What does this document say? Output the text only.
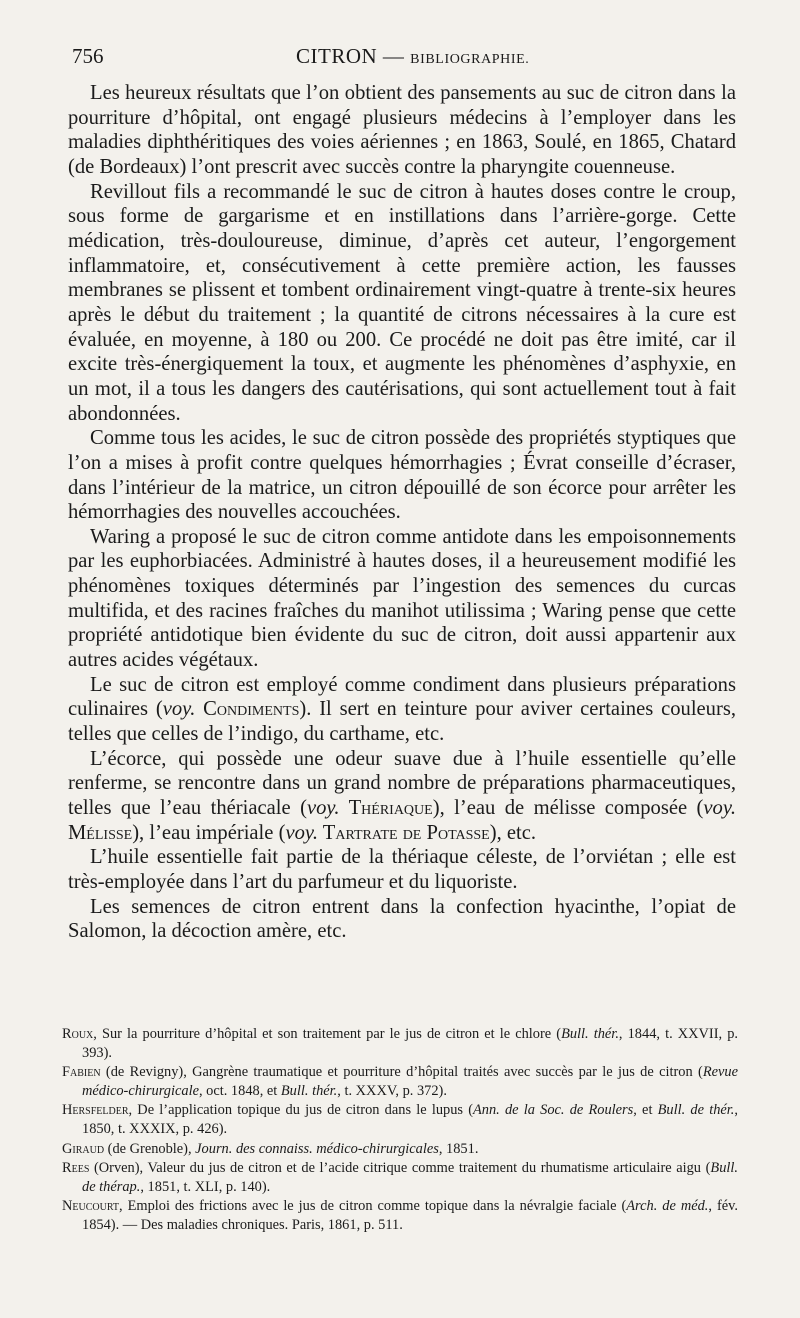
756	CITRON — BIBLIOGRAPHIE.

Les heureux résultats que l’on obtient des pansements au suc de citron dans la pourriture d’hôpital, ont engagé plusieurs médecins à l’employer dans les maladies diphthéritiques des voies aériennes ; en 1863, Soulé, en 1865, Chatard (de Bordeaux) l’ont prescrit avec succès contre la pharyngite couenneuse.

Revillout fils a recommandé le suc de citron à hautes doses contre le croup, sous forme de gargarisme et en instillations dans l’arrière-gorge. Cette médication, très-douloureuse, diminue, d’après cet auteur, l’engorgement inflammatoire, et, consécutivement à cette première action, les fausses membranes se plissent et tombent ordinairement vingt-quatre à trente-six heures après le début du traitement ; la quantité de citrons nécessaires à la cure est évaluée, en moyenne, à 180 ou 200. Ce procédé ne doit pas être imité, car il excite très-énergiquement la toux, et augmente les phénomènes d’asphyxie, en un mot, il a tous les dangers des cautérisations, qui sont actuellement tout à fait abondonnées.

Comme tous les acides, le suc de citron possède des propriétés styptiques que l’on a mises à profit contre quelques hémorrhagies ; Évrat conseille d’écraser, dans l’intérieur de la matrice, un citron dépouillé de son écorce pour arrêter les hémorrhagies des nouvelles accouchées.

Waring a proposé le suc de citron comme antidote dans les empoisonnements par les euphorbiacées. Administré à hautes doses, il a heureusement modifié les phénomènes toxiques déterminés par l’ingestion des semences du curcas multifida, et des racines fraîches du manihot utilissima ; Waring pense que cette propriété antidotique bien évidente du suc de citron, doit aussi appartenir aux autres acides végétaux.

Le suc de citron est employé comme condiment dans plusieurs préparations culinaires (voy. Condiments). Il sert en teinture pour aviver certaines couleurs, telles que celles de l’indigo, du carthame, etc.

L’écorce, qui possède une odeur suave due à l’huile essentielle qu’elle renferme, se rencontre dans un grand nombre de préparations pharmaceutiques, telles que l’eau thériacale (voy. Thériaque), l’eau de mélisse composée (voy. Mélisse), l’eau impériale (voy. Tartrate de Potasse), etc.

L’huile essentielle fait partie de la thériaque céleste, de l’orviétan ; elle est très-employée dans l’art du parfumeur et du liquoriste.

Les semences de citron entrent dans la confection hyacinthe, l’opiat de Salomon, la décoction amère, etc.

Roux, Sur la pourriture d’hôpital et son traitement par le jus de citron et le chlore (Bull. thér., 1844, t. XXVII, p. 393).

Fabien (de Revigny), Gangrène traumatique et pourriture d’hôpital traités avec succès par le jus de citron (Revue médico-chirurgicale, oct. 1848, et Bull. thér., t. XXXV, p. 372).

Hersfelder, De l’application topique du jus de citron dans le lupus (Ann. de la Soc. de Roulers, et Bull. de thér., 1850, t. XXXIX, p. 426).

Giraud (de Grenoble), Journ. des connaiss. médico-chirurgicales, 1851.

Rees (Orven), Valeur du jus de citron et de l’acide citrique comme traitement du rhumatisme articulaire aigu (Bull. de thérap., 1851, t. XLI, p. 140).

Neucourt, Emploi des frictions avec le jus de citron comme topique dans la névralgie faciale (Arch. de méd., fév. 1854). — Des maladies chroniques. Paris, 1861, p. 511.
